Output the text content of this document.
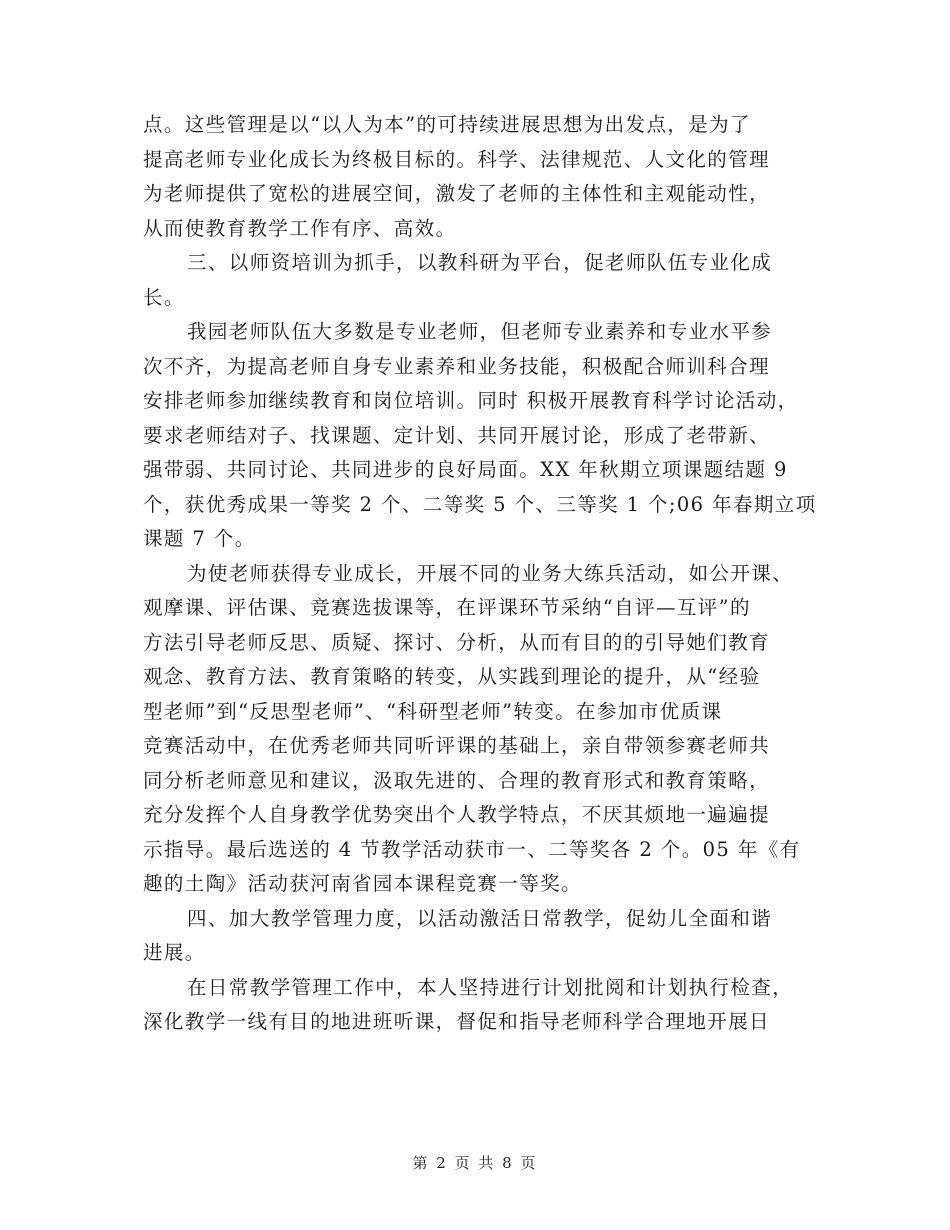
点。这些管理是以“以人为本”的可持续进展思想为出发点，是为了
提高老师专业化成长为终极目标的。科学、法律规范、人文化的管理
为老师提供了宽松的进展空间，激发了老师的主体性和主观能动性，
从而使教育教学工作有序、高效。

三、以师资培训为抓手，以教科研为平台，促老师队伍专业化成
长。

我园老师队伍大多数是专业老师，但老师专业素养和专业水平参
次不齐，为提高老师自身专业素养和业务技能，积极配合师训科合理
安排老师参加继续教育和岗位培训。同时 积极开展教育科学讨论活动，
要求老师结对子、找课题、定计划、共同开展讨论，形成了老带新、
强带弱、共同讨论、共同进步的良好局面。XX 年秋期立项课题结题 9
个，获优秀成果一等奖 2 个、二等奖 5 个、三等奖 1 个;06 年春期立项
课题 7 个。

为使老师获得专业成长，开展不同的业务大练兵活动，如公开课、
观摩课、评估课、竞赛选拔课等，在评课环节采纳“自评—互评”的
方法引导老师反思、质疑、探讨、分析，从而有目的的引导她们教育
观念、教育方法、教育策略的转变，从实践到理论的提升，从“经验
型老师”到“反思型老师”、“科研型老师”转变。在参加市优质课
竞赛活动中，在优秀老师共同听评课的基础上，亲自带领参赛老师共
同分析老师意见和建议，汲取先进的、合理的教育形式和教育策略，
充分发挥个人自身教学优势突出个人教学特点，不厌其烦地一遍遍提
示指导。最后选送的 4 节教学活动获市一、二等奖各 2 个。05 年《有
趣的土陶》活动获河南省园本课程竞赛一等奖。

四、加大教学管理力度，以活动激活日常教学，促幼儿全面和谐
进展。

在日常教学管理工作中，本人坚持进行计划批阅和计划执行检查，
深化教学一线有目的地进班听课，督促和指导老师科学合理地开展日

第 2 页 共 8 页
